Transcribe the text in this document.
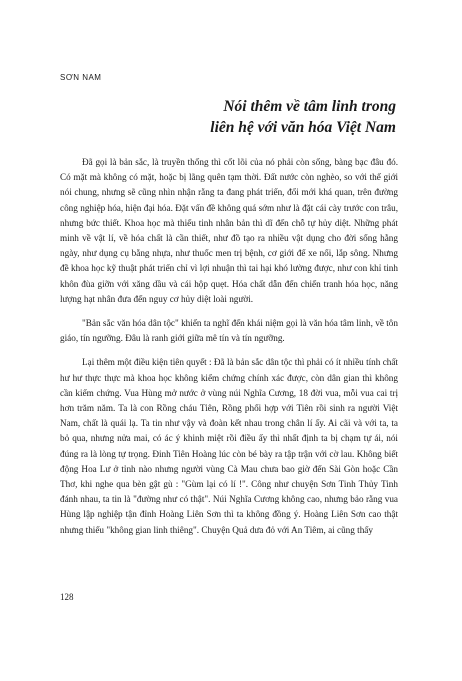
SƠN NAM
Nói thêm về tâm linh trong
liên hệ với văn hóa Việt Nam

Đã gọi là bản sắc, là truyền thống thì cốt lõi của nó phải còn sống, bàng bạc đâu đó. Có mặt mà không có mặt, hoặc bị lãng quên tạm thời. Đất nước còn nghèo, so với thế giới nói chung, nhưng sẽ cũng nhìn nhận rằng ta đang phát triển, đổi mới khá quan, trên đường công nghiệp hóa, hiện đại hóa. Đặt vấn đề không quá sớm như là đặt cái cày trước con trâu, nhưng bức thiết. Khoa học mà thiếu tinh nhân bản thì dĩ đến chỗ tự hủy diệt. Những phát minh về vật lí, về hóa chất là cần thiết, như đồ tạo ra nhiều vật dụng cho đời sống hằng ngày, như dụng cụ bằng nhựa, như thuốc men trị bệnh, cơ giới để xe nổi, lắp sông. Nhưng đề khoa học kỹ thuật phát triển chỉ vì lợi nhuận thì tai hại khó lường được, như con khỉ tinh khôn đùa giỡn với xăng dầu và cái hộp quẹt. Hóa chất dẫn đến chiến tranh hóa học, năng lượng hạt nhân đưa đến nguy cơ hủy diệt loài người.

"Bản sắc văn hóa dân tộc" khiến ta nghĩ đến khái niệm gọi là văn hóa tâm linh, về tôn giáo, tín ngưỡng. Đâu là ranh giới giữa mê tín và tín ngưỡng.

Lại thêm một điều kiện tiên quyết : Đã là bản sắc dân tộc thì phải có ít nhiều tính chất hư hư thực thực mà khoa học không kiểm chứng chính xác được, còn dân gian thì không cần kiểm chứng. Vua Hùng mở nước ở vùng núi Nghĩa Cương, 18 đời vua, mỗi vua cai trị hơn trăm năm. Ta là con Rồng cháu Tiên, Rồng phối hợp với Tiên rồi sinh ra người Việt Nam, chất là quái lạ. Ta tin như vậy và đoàn kết nhau trong chân lí ấy. Ai cãi và với ta, ta bỏ qua, nhưng nửa mai, có ác ý khinh miệt rồi điều ấy thì nhất định ta bị chạm tự ái, nói đúng ra là lòng tự trọng. Đinh Tiên Hoàng lúc còn bé bày ra tập trận với cờ lau. Không biết động Hoa Lư ở tỉnh nào nhưng người vùng Cà Mau chưa bao giờ đến Sài Gòn hoặc Cần Thơ, khi nghe qua bèn gật gù : "Gùm lại có lí !". Công như chuyện Sơn Tinh Thủy Tinh đánh nhau, ta tin là "đường như có thật". Núi Nghĩa Cương không cao, nhưng bảo rằng vua Hùng lập nghiệp tận đỉnh Hoàng Liên Sơn thì ta không đồng ý. Hoàng Liên Sơn cao thật nhưng thiếu "không gian linh thiêng". Chuyện Quả dưa đỏ với An Tiêm, ai cũng thấy

128
